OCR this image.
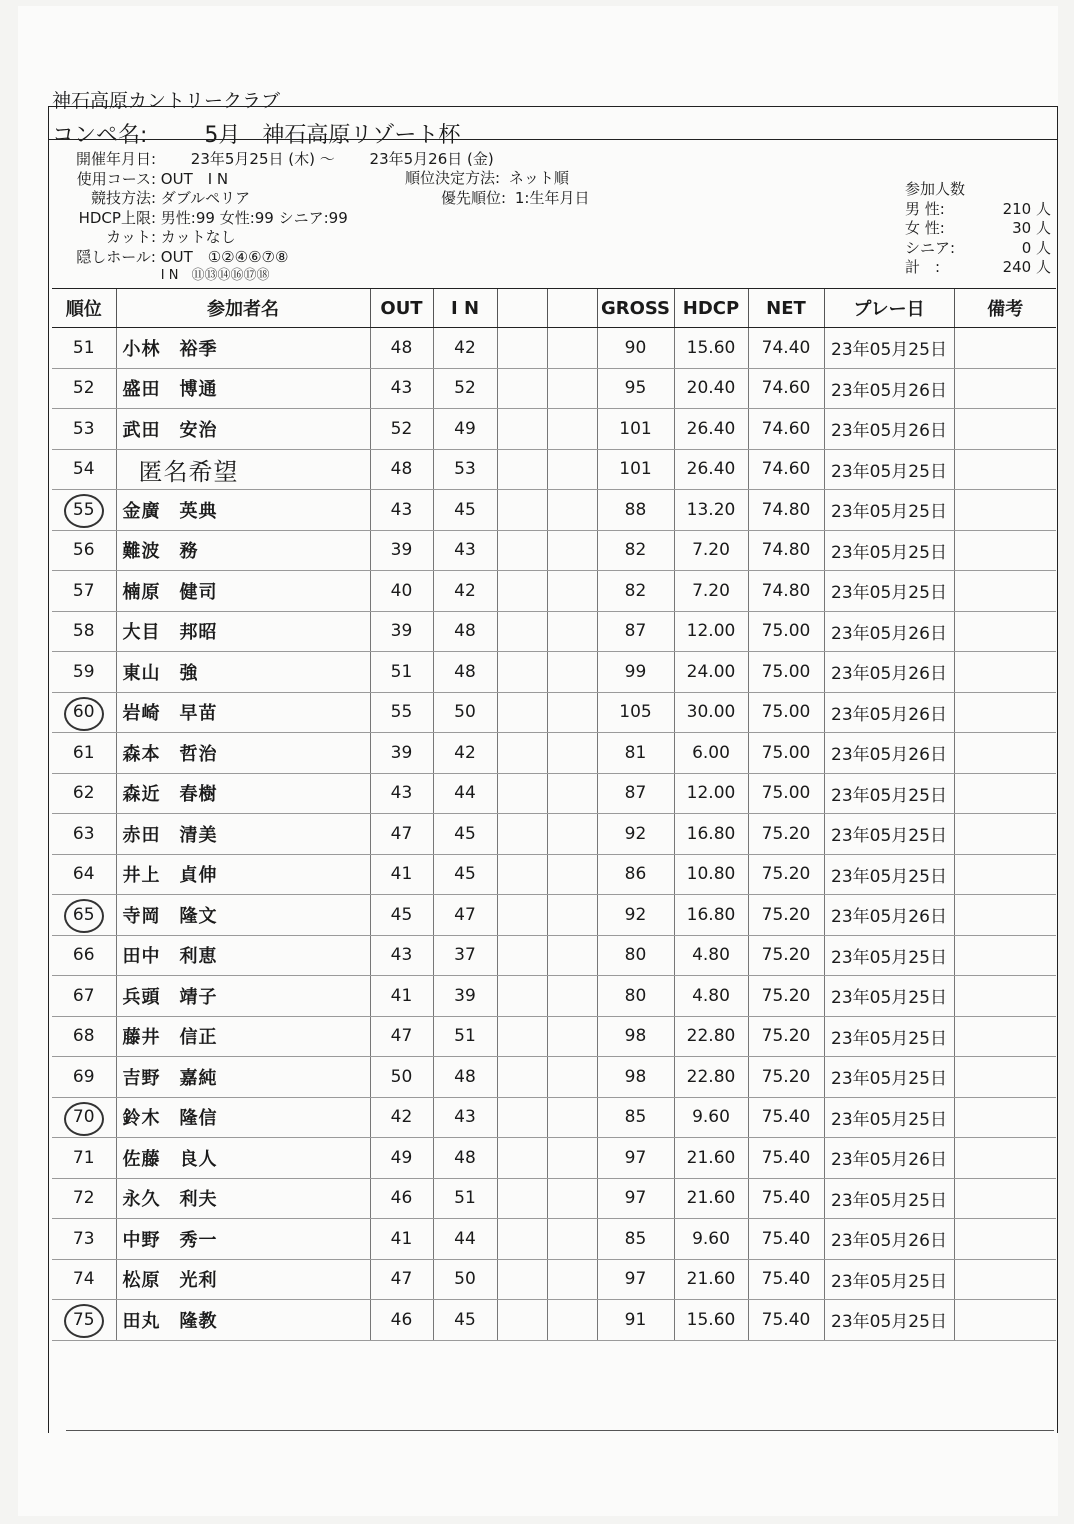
神石高原カントリークラブ
コンペ名:	5月　神石高原リゾート杯
開催年月日: 23年5月25日 (木) ～ 23年5月26日 (金)
使用コース: OUT　I N
競技方法: ダブルペリア
HDCP上限: 男性:99 女性:99 シニア:99
カット: カットなし
隠しホール: OUT　①②④⑥⑦⑧
I N　⑪⑬⑭⑯⑰⑱
順位決定方法: ネット順
優先順位: 1:生年月日	参加人数
男 性:	210 人
女 性:	30 人
シニア:	0 人
計　:	240 人
順位	参加者名	OUT	I N			GROSS	HDCP	NET	プレー日	備考
51	小林　裕季	48	42			90	15.60	74.40	23年05月25日	
52	盛田　博通	43	52			95	20.40	74.60	23年05月26日	
53	武田　安治	52	49			101	26.40	74.60	23年05月26日	
54	匿名希望	48	53			101	26.40	74.60	23年05月25日	
55	金廣　英典	43	45			88	13.20	74.80	23年05月25日	
56	難波　務	39	43			82	7.20	74.80	23年05月25日	
57	楠原　健司	40	42			82	7.20	74.80	23年05月25日	
58	大目　邦昭	39	48			87	12.00	75.00	23年05月26日	
59	東山　強	51	48			99	24.00	75.00	23年05月26日	
60	岩崎　早苗	55	50			105	30.00	75.00	23年05月26日	
61	森本　哲治	39	42			81	6.00	75.00	23年05月26日	
62	森近　春樹	43	44			87	12.00	75.00	23年05月25日	
63	赤田　清美	47	45			92	16.80	75.20	23年05月25日	
64	井上　貞伸	41	45			86	10.80	75.20	23年05月25日	
65	寺岡　隆文	45	47			92	16.80	75.20	23年05月26日	
66	田中　利恵	43	37			80	4.80	75.20	23年05月25日	
67	兵頭　靖子	41	39			80	4.80	75.20	23年05月25日	
68	藤井　信正	47	51			98	22.80	75.20	23年05月25日	
69	吉野　嘉純	50	48			98	22.80	75.20	23年05月25日	
70	鈴木　隆信	42	43			85	9.60	75.40	23年05月25日	
71	佐藤　良人	49	48			97	21.60	75.40	23年05月26日	
72	永久　利夫	46	51			97	21.60	75.40	23年05月25日	
73	中野　秀一	41	44			85	9.60	75.40	23年05月26日	
74	松原　光利	47	50			97	21.60	75.40	23年05月25日	
75	田丸　隆教	46	45			91	15.60	75.40	23年05月25日	
